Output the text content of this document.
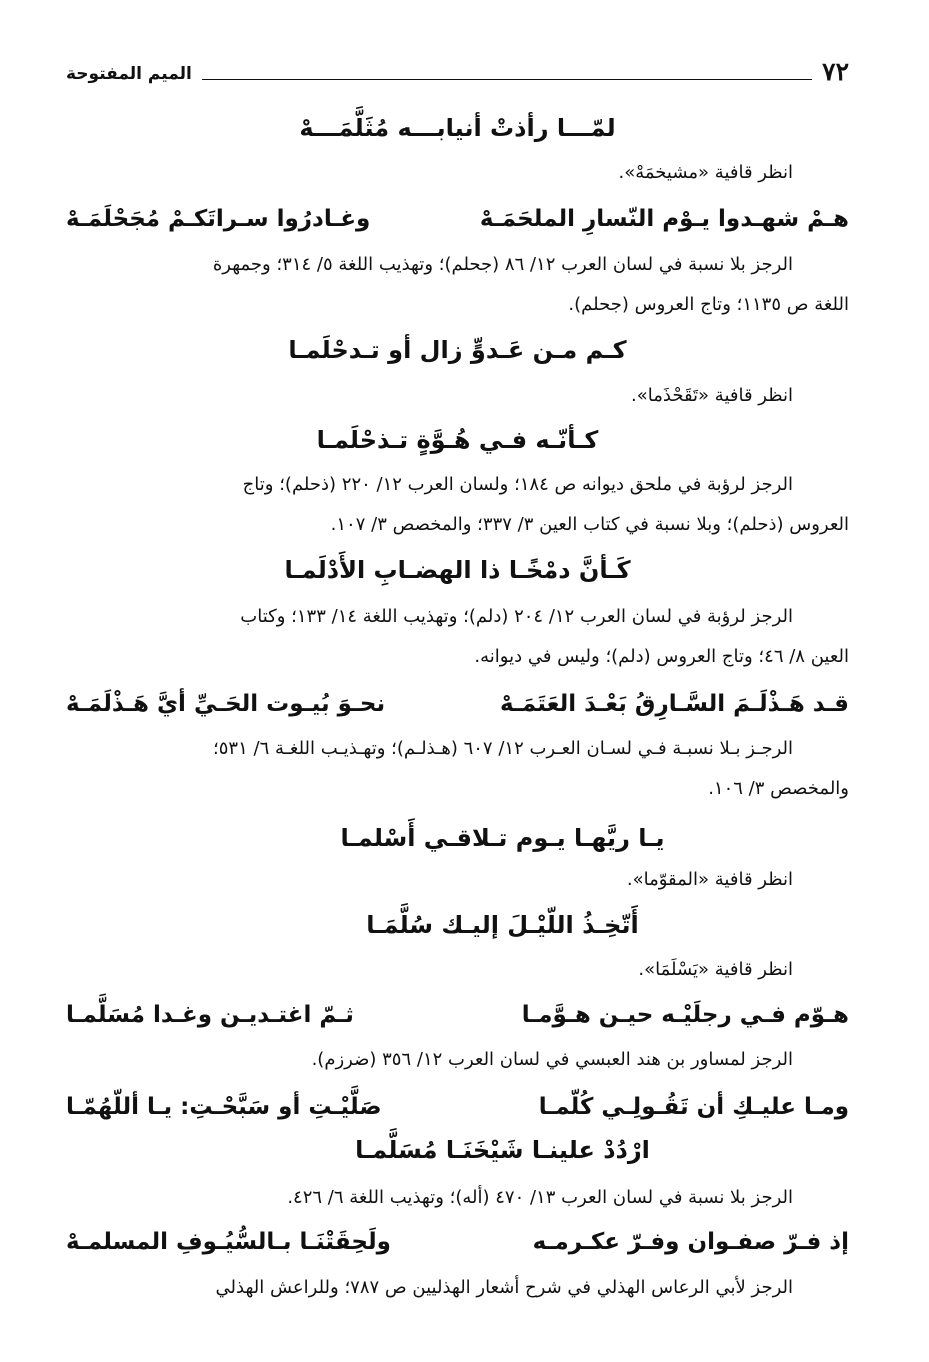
٧٢
الميم المفتوحة
لمّـــا رأذتْ أنيابـــه مُثَلَّمَـــهْ
انظر قافية «مشيخمَهْ».
هـمْ شهـدوا يـوْم النّسارِ الملحَمَـهْ
وغـادرُوا سـراتَكـمْ مُجَحْلَمَـهْ
الرجز بلا نسبة في لسان العرب ١٢/ ٨٦ (جحلم)؛ وتهذيب اللغة ٥/ ٣١٤؛ وجمهرة
اللغة ص ١١٣٥؛ وتاج العروس (جحلم).
كـم مـن عَـدوٍّ زال أو تـدحْلَمـا
انظر قافية «تَقَحْذَما».
كـأنّـه فـي هُـوَّةٍ تـذحْلَمـا
الرجز لرؤبة في ملحق ديوانه ص ١٨٤؛ ولسان العرب ١٢/ ٢٢٠ (ذحلم)؛ وتاج
العروس (ذحلم)؛ وبلا نسبة في كتاب العين ٣/ ٣٣٧؛ والمخصص ٣/ ١٠٧.
كَـأنَّ دمْخًـا ذا الهضـابِ الأَدْلَمـا
الرجز لرؤبة في لسان العرب ١٢/ ٢٠٤ (دلم)؛ وتهذيب اللغة ١٤/ ١٣٣؛ وكتاب
العين ٨/ ٤٦؛ وتاج العروس (دلم)؛ وليس في ديوانه.
قـد هَـذْلَـمَ السَّـارِقُ بَعْـدَ العَتَمَـهْ
نحـوَ بُيـوت الحَـيِّ أيَّ هَـذْلَمَـهْ
الرجـز بـلا نسبـة فـي لسـان العـرب ١٢/ ٦٠٧ (هـذلـم)؛ وتهـذيـب اللغـة ٦/ ٥٣١؛
والمخصص ٣/ ١٠٦.
يـا ريَّهـا يـوم تـلاقـي أَسْلمـا
انظر قافية «المقوّما».
أَتّخِـذُ اللّيْـلَ إليـك سُلَّمَـا
انظر قافية «يَسْلَمَا».
هـوّم فـي رجلَيْـه حيـن هـوَّمـا
ثـمّ اغتـديـن وغـدا مُسَلَّمـا
الرجز لمساور بن هند العبسي في لسان العرب ١٢/ ٣٥٦ (ضرزم).
ومـا عليـكِ أن تَقُـولِـي كُلّمـا
صَلَّيْـتِ أو سَبَّحْـتِ: يـا أللّهُمّـا
ارْدُدْ علينـا شَيْخَنَـا مُسَلَّمـا
الرجز بلا نسبة في لسان العرب ١٣/ ٤٧٠ (أله)؛ وتهذيب اللغة ٦/ ٤٢٦.
إذ فـرّ صفـوان وفـرّ عكـرمـه
ولَحِقَتْنَـا بـالسُّيُـوفِ المسلمـهْ
الرجز لأبي الرعاس الهذلي في شرح أشعار الهذليين ص ٧٨٧؛ وللراعش الهذلي
